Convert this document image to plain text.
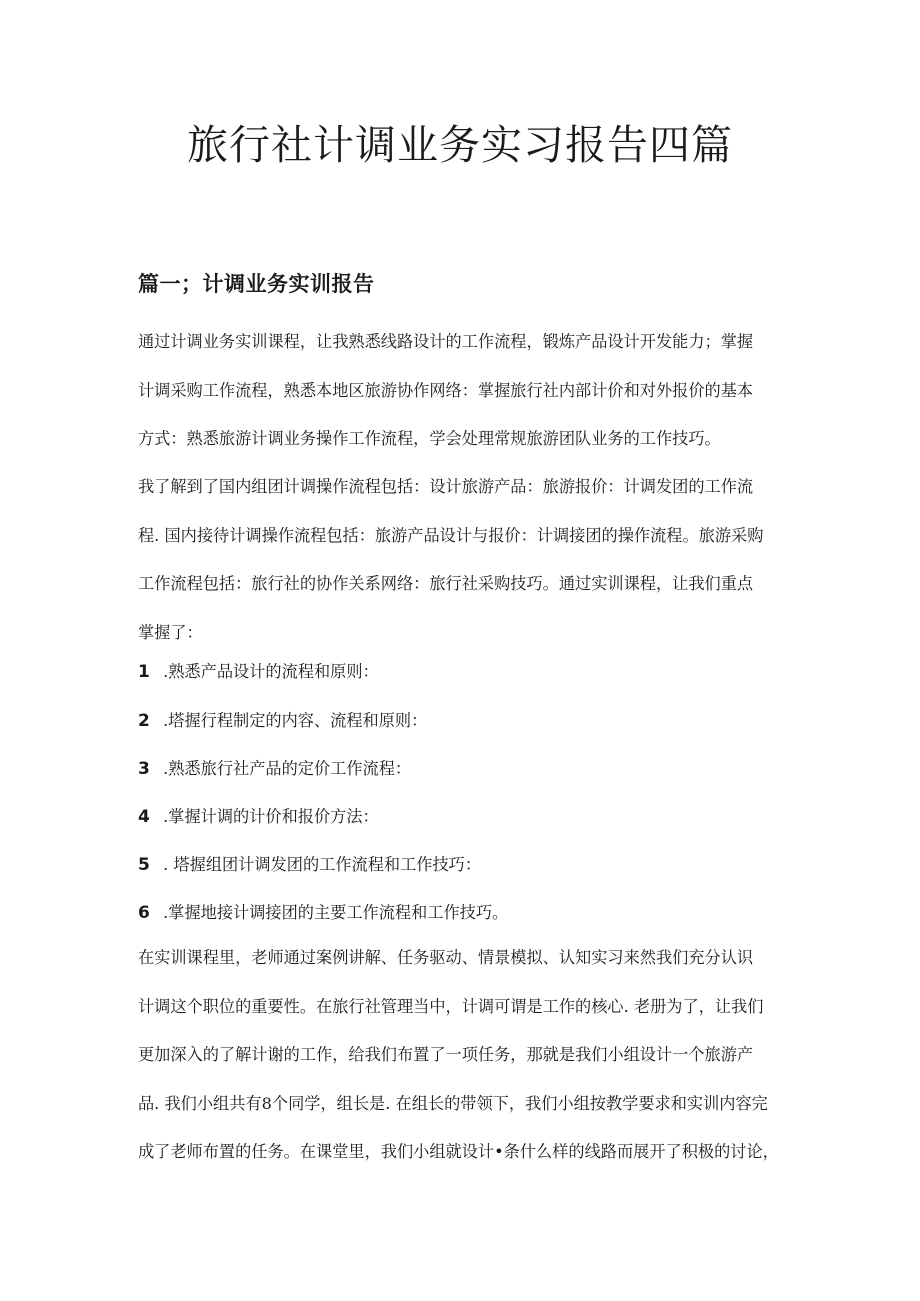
旅行社计调业务实习报告四篇
篇一；计调业务实训报告

通过计调业务实训课程，让我熟悉线路设计的工作流程，锻炼产品设计开发能力；掌握
计调采购工作流程，熟悉本地区旅游协作网络：掌握旅行社内部计价和对外报价的基本
方式：熟悉旅游计调业务操作工作流程，学会处理常规旅游团队业务的工作技巧。

我了解到了国内组团计调操作流程包括：设计旅游产品：旅游报价：计调发团的工作流
程. 国内接待计调操作流程包括：旅游产品设计与报价：计调接团的操作流程。旅游采购
工作流程包括：旅行社的协作关系网络：旅行社采购技巧。通过实训课程，让我们重点
掌握了：

1 .熟悉产品设计的流程和原则：
2 .塔握行程制定的内容、流程和原则：
3 .熟悉旅行社产品的定价工作流程：
4 .掌握计调的计价和报价方法：
5 . 塔握组团计调发团的工作流程和工作技巧：
6 .掌握地接计调接团的主要工作流程和工作技巧。

在实训课程里，老师通过案例讲解、任务驱动、情景模拟、认知实习来然我们充分认识
计调这个职位的重要性。在旅行社管理当中，计调可谓是工作的核心. 老册为了，让我们
更加深入的了解计谢的工作，给我们布置了一项任务，那就是我们小组设计一个旅游产
品. 我们小组共有8个同学，组长是. 在组长的带领下，我们小组按教学要求和实训内容完
成了老师布置的任务。在课堂里，我们小组就设计•条什么样的线路而展开了积极的讨论，
